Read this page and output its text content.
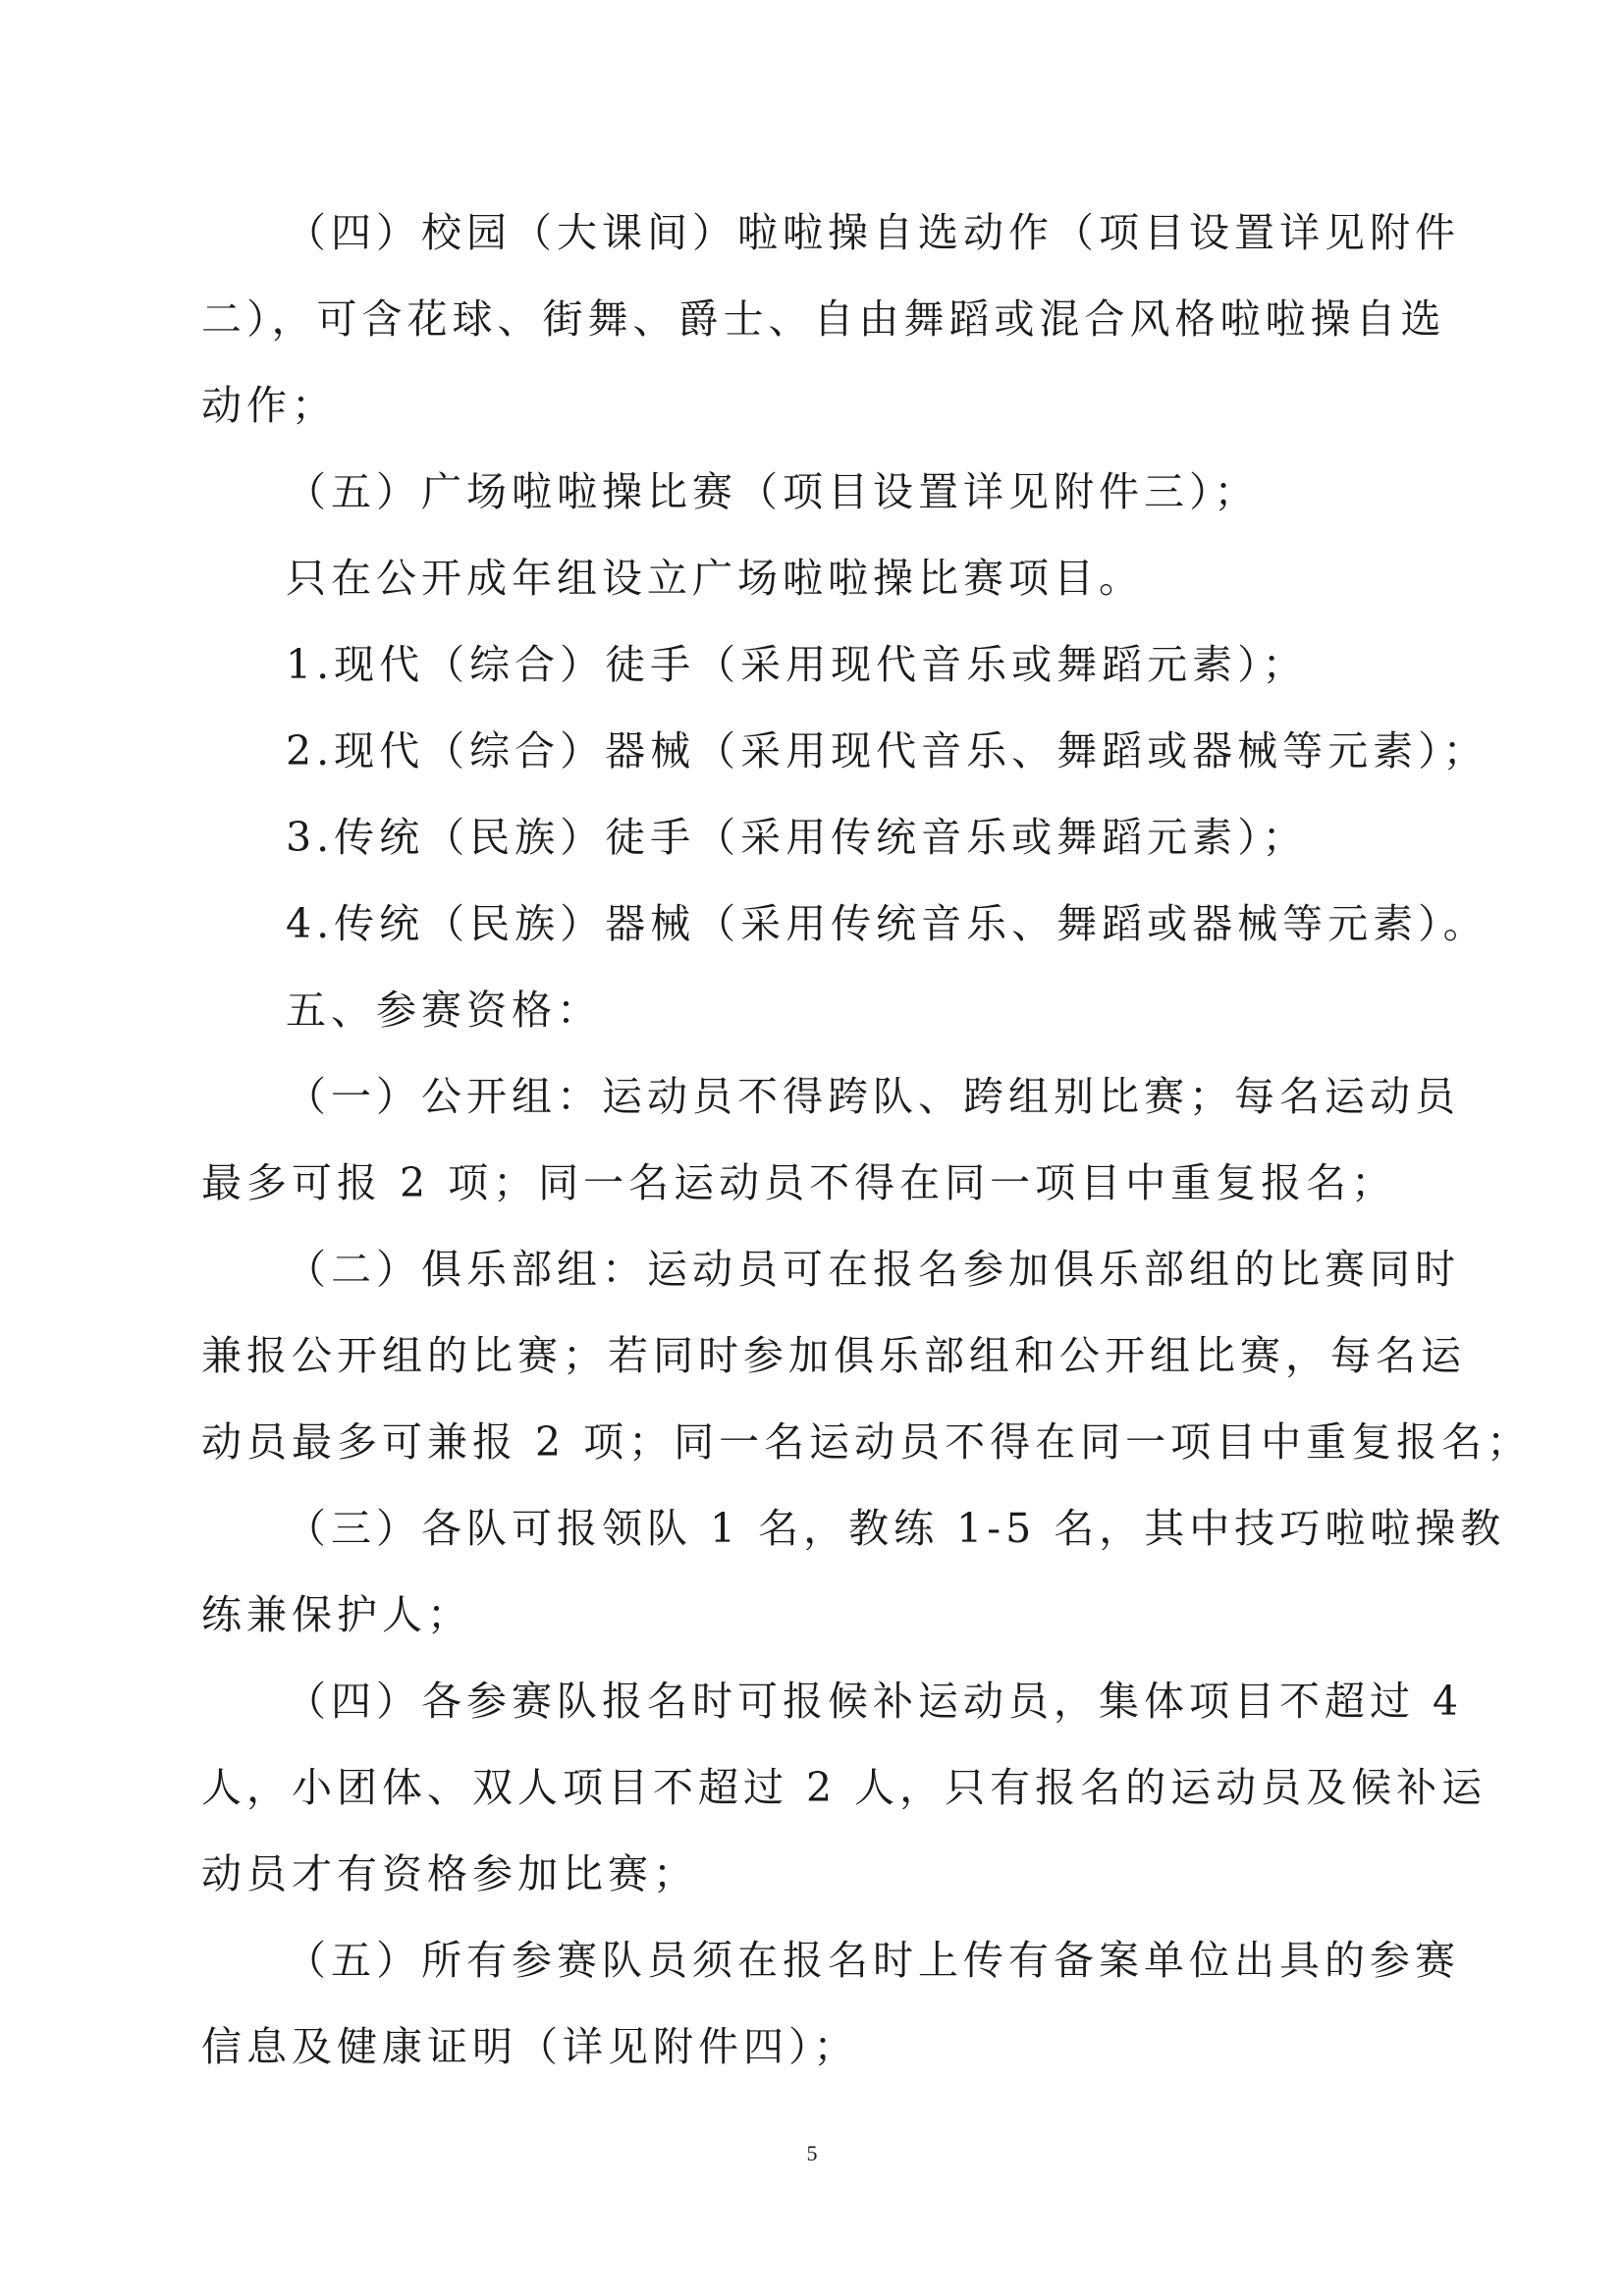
（四）校园（大课间）啦啦操自选动作（项目设置详见附件
二），可含花球、街舞、爵士、自由舞蹈或混合风格啦啦操自选
动作；
（五）广场啦啦操比赛（项目设置详见附件三）；
只在公开成年组设立广场啦啦操比赛项目。
1.现代（综合）徒手（采用现代音乐或舞蹈元素）；
2.现代（综合）器械（采用现代音乐、舞蹈或器械等元素）；
3.传统（民族）徒手（采用传统音乐或舞蹈元素）；
4.传统（民族）器械（采用传统音乐、舞蹈或器械等元素）。
五、参赛资格：
（一）公开组：运动员不得跨队、跨组别比赛；每名运动员
最多可报 2 项；同一名运动员不得在同一项目中重复报名；
（二）俱乐部组：运动员可在报名参加俱乐部组的比赛同时
兼报公开组的比赛；若同时参加俱乐部组和公开组比赛，每名运
动员最多可兼报 2 项；同一名运动员不得在同一项目中重复报名；
（三）各队可报领队 1 名，教练 1-5 名，其中技巧啦啦操教
练兼保护人；
（四）各参赛队报名时可报候补运动员，集体项目不超过 4
人，小团体、双人项目不超过 2 人，只有报名的运动员及候补运
动员才有资格参加比赛；
（五）所有参赛队员须在报名时上传有备案单位出具的参赛
信息及健康证明（详见附件四）；
5
